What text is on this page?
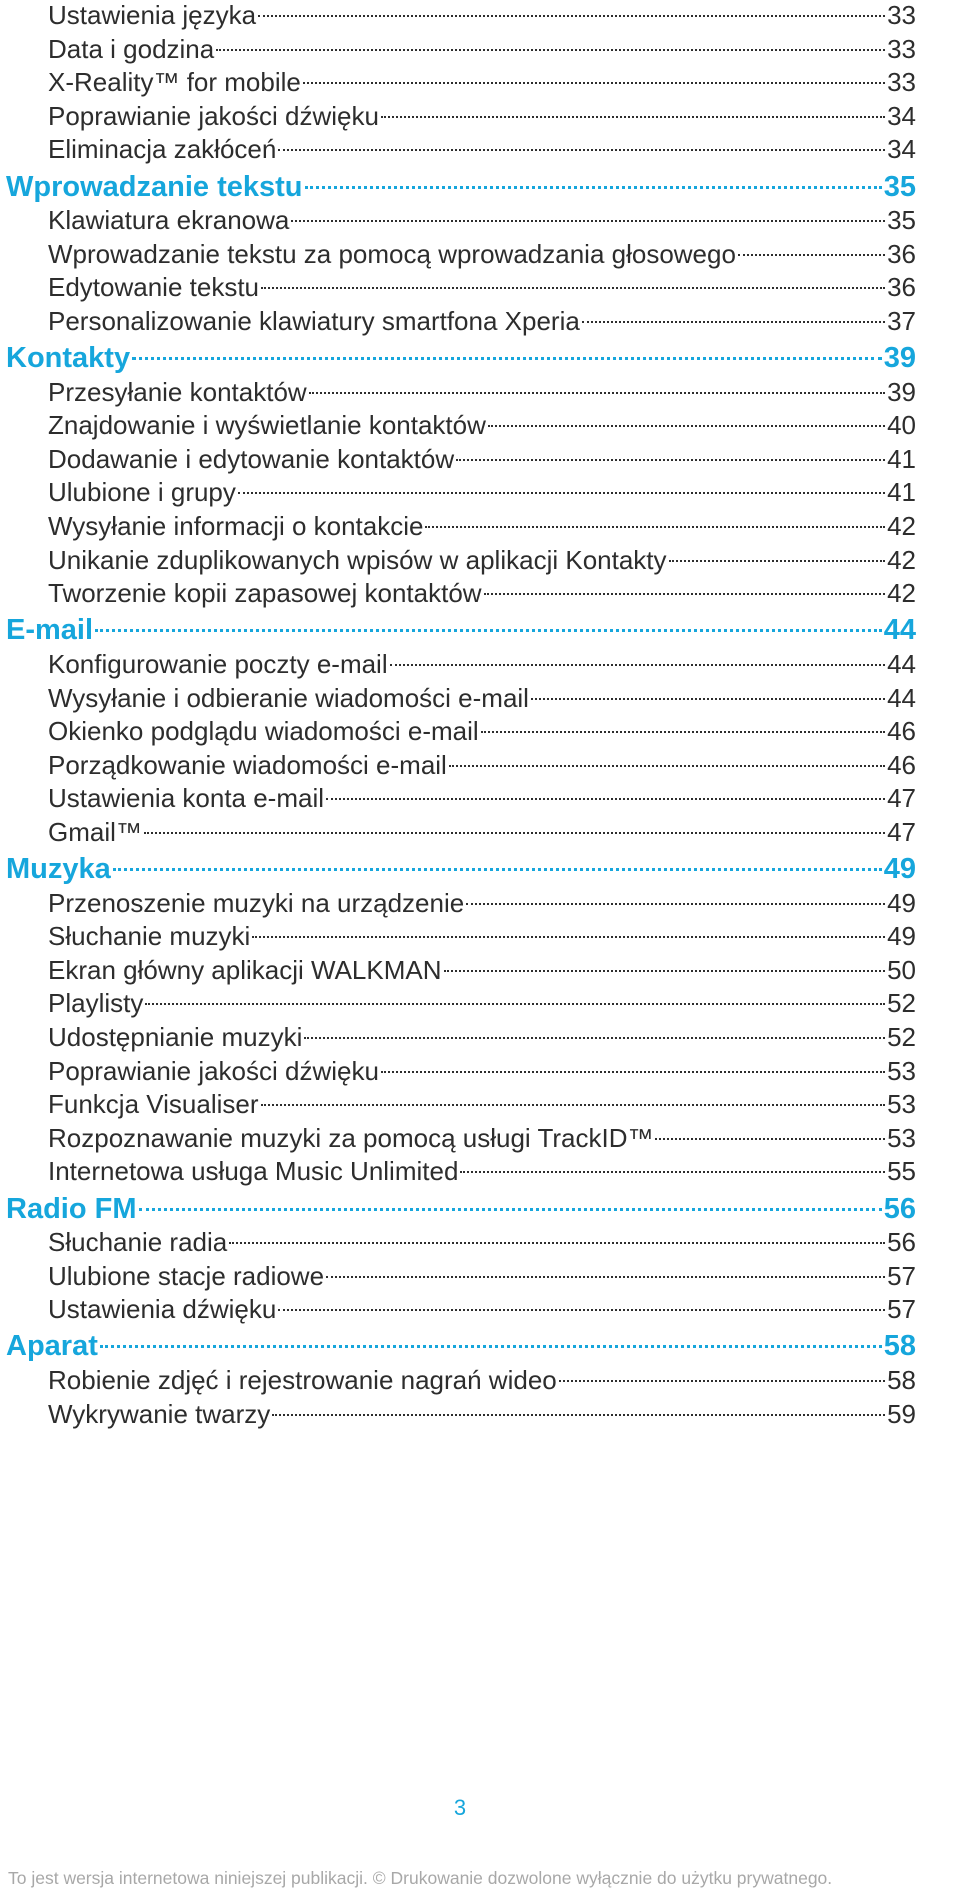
Ustawienia języka	33
Data i godzina	33
X-Reality™ for mobile	33
Poprawianie jakości dźwięku	34
Eliminacja zakłóceń	34
Wprowadzanie tekstu	35
Klawiatura ekranowa	35
Wprowadzanie tekstu za pomocą wprowadzania głosowego	36
Edytowanie tekstu	36
Personalizowanie klawiatury smartfona Xperia	37
Kontakty	39
Przesyłanie kontaktów	39
Znajdowanie i wyświetlanie kontaktów	40
Dodawanie i edytowanie kontaktów	41
Ulubione i grupy	41
Wysyłanie informacji o kontakcie	42
Unikanie zduplikowanych wpisów w aplikacji Kontakty	42
Tworzenie kopii zapasowej kontaktów	42
E-mail	44
Konfigurowanie poczty e-mail	44
Wysyłanie i odbieranie wiadomości e-mail	44
Okienko podglądu wiadomości e-mail	46
Porządkowanie wiadomości e-mail	46
Ustawienia konta e-mail	47
Gmail™	47
Muzyka	49
Przenoszenie muzyki na urządzenie	49
Słuchanie muzyki	49
Ekran główny aplikacji WALKMAN	50
Playlisty	52
Udostępnianie muzyki	52
Poprawianie jakości dźwięku	53
Funkcja Visualiser	53
Rozpoznawanie muzyki za pomocą usługi TrackID™	53
Internetowa usługa Music Unlimited	55
Radio FM	56
Słuchanie radia	56
Ulubione stacje radiowe	57
Ustawienia dźwięku	57
Aparat	58
Robienie zdjęć i rejestrowanie nagrań wideo	58
Wykrywanie twarzy	59
3
To jest wersja internetowa niniejszej publikacji. © Drukowanie dozwolone wyłącznie do użytku prywatnego.
